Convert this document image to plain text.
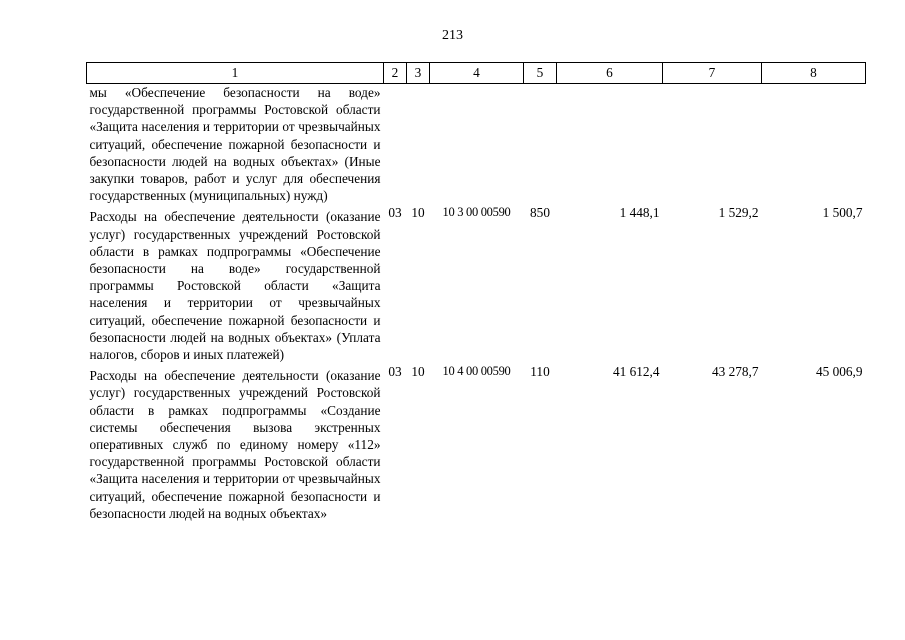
213
1	2	3	4	5	6	7	8
мы «Обеспечение безопасности на воде» государственной программы Ростовской области «Защита населения и территории от чрезвычайных ситуаций, обеспечение пожарной безопасности и безопасности людей на водных объектах» (Иные закупки товаров, работ и услуг для обеспечения государственных (муниципальных) нужд)							
Расходы на обеспечение деятельности (оказание услуг) государственных учреждений Ростовской области в рамках подпрограммы «Обеспечение безопасности на воде» государственной программы Ростовской области «Защита населения и территории от чрезвычайных ситуаций, обеспечение пожарной безопасности и безопасности людей на водных объектах» (Уплата налогов, сборов и иных платежей)	03	10	10 3 00 00590	850	1 448,1	1 529,2	1 500,7
Расходы на обеспечение деятельности (оказание услуг) государственных учреждений Ростовской области в рамках подпрограммы «Создание системы обеспечения вызова экстренных оперативных служб по единому номеру «112» государственной программы Ростовской области «Защита населения и территории от чрезвычайных ситуаций, обеспечение пожарной безопасности и безопасности людей на водных объектах»	03	10	10 4 00 00590	110	41 612,4	43 278,7	45 006,9
